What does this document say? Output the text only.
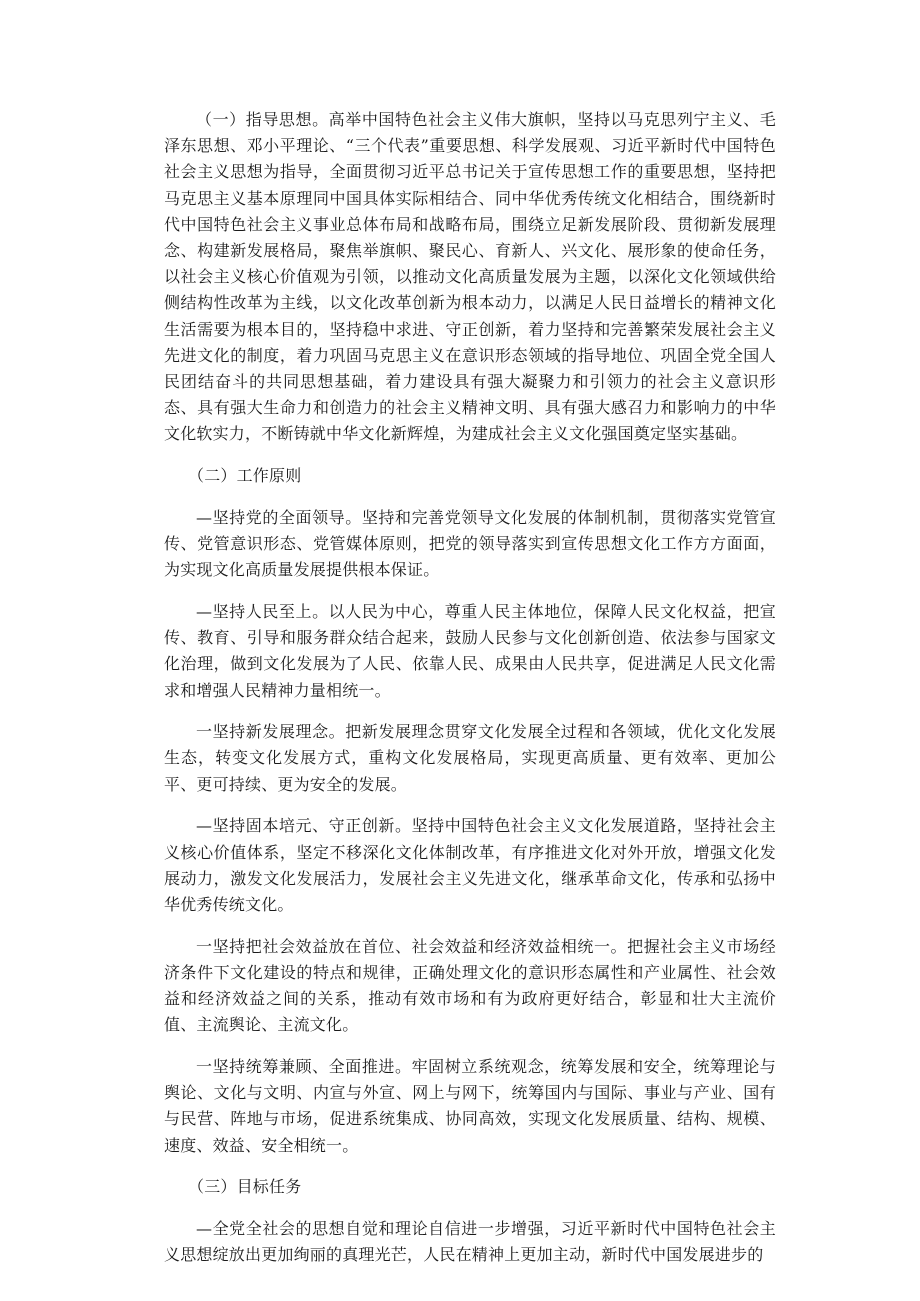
（一）指导思想。高举中国特色社会主义伟大旗帜，坚持以马克思列宁主义、毛泽东思想、邓小平理论、“三个代表”重要思想、科学发展观、习近平新时代中国特色社会主义思想为指导，全面贯彻习近平总书记关于宣传思想工作的重要思想，坚持把马克思主义基本原理同中国具体实际相结合、同中华优秀传统文化相结合，围绕新时代中国特色社会主义事业总体布局和战略布局，围绕立足新发展阶段、贯彻新发展理念、构建新发展格局，聚焦举旗帜、聚民心、育新人、兴文化、展形象的使命任务，以社会主义核心价值观为引领，以推动文化高质量发展为主题，以深化文化领域供给侧结构性改革为主线，以文化改革创新为根本动力，以满足人民日益增长的精神文化生活需要为根本目的，坚持稳中求进、守正创新，着力坚持和完善繁荣发展社会主义先进文化的制度，着力巩固马克思主义在意识形态领域的指导地位、巩固全党全国人民团结奋斗的共同思想基础，着力建设具有强大凝聚力和引领力的社会主义意识形态、具有强大生命力和创造力的社会主义精神文明、具有强大感召力和影响力的中华文化软实力，不断铸就中华文化新辉煌，为建成社会主义文化强国奠定坚实基础。

（二）工作原则

—坚持党的全面领导。坚持和完善党领导文化发展的体制机制，贯彻落实党管宣传、党管意识形态、党管媒体原则，把党的领导落实到宣传思想文化工作方方面面，为实现文化高质量发展提供根本保证。

—坚持人民至上。以人民为中心，尊重人民主体地位，保障人民文化权益，把宣传、教育、引导和服务群众结合起来，鼓励人民参与文化创新创造、依法参与国家文化治理，做到文化发展为了人民、依靠人民、成果由人民共享，促进满足人民文化需求和增强人民精神力量相统一。

一坚持新发展理念。把新发展理念贯穿文化发展全过程和各领域，优化文化发展生态，转变文化发展方式，重构文化发展格局，实现更高质量、更有效率、更加公平、更可持续、更为安全的发展。

—坚持固本培元、守正创新。坚持中国特色社会主义文化发展道路，坚持社会主义核心价值体系，坚定不移深化文化体制改革，有序推进文化对外开放，增强文化发展动力，激发文化发展活力，发展社会主义先进文化，继承革命文化，传承和弘扬中华优秀传统文化。

一坚持把社会效益放在首位、社会效益和经济效益相统一。把握社会主义市场经济条件下文化建设的特点和规律，正确处理文化的意识形态属性和产业属性、社会效益和经济效益之间的关系，推动有效市场和有为政府更好结合，彰显和壮大主流价值、主流舆论、主流文化。

一坚持统筹兼顾、全面推进。牢固树立系统观念，统筹发展和安全，统筹理论与舆论、文化与文明、内宣与外宣、网上与网下，统筹国内与国际、事业与产业、国有与民营、阵地与市场，促进系统集成、协同高效，实现文化发展质量、结构、规模、速度、效益、安全相统一。

（三）目标任务

—全党全社会的思想自觉和理论自信进一步增强，习近平新时代中国特色社会主义思想绽放出更加绚丽的真理光芒，人民在精神上更加主动，新时代中国发展进步的
